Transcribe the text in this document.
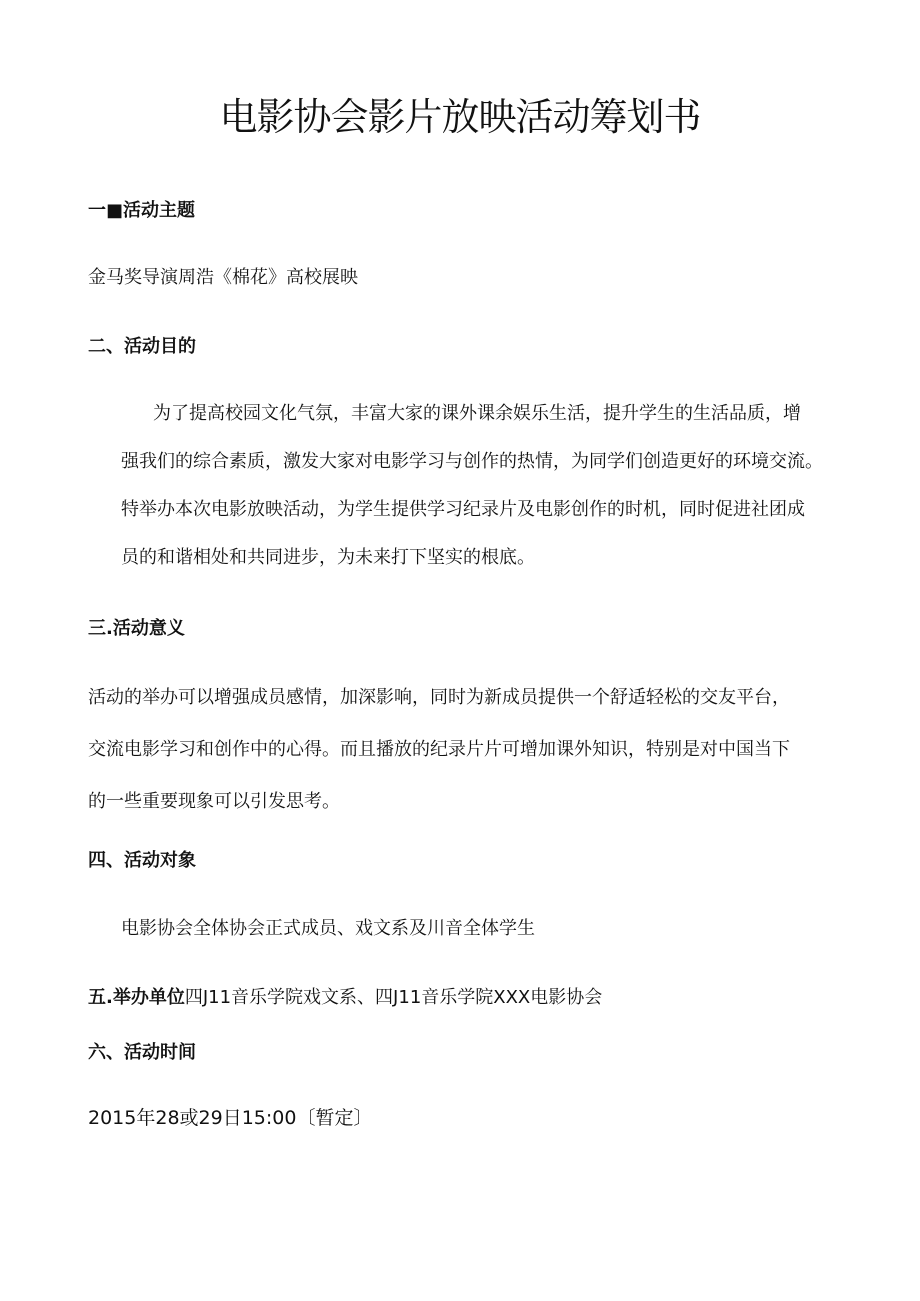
电影协会影片放映活动筹划书
一■活动主题
金马奖导演周浩《棉花》高校展映
二、活动目的
为了提高校园文化气氛，丰富大家的课外课余娱乐生活，提升学生的生活品质，增
强我们的综合素质，激发大家对电影学习与创作的热情，为同学们创造更好的环境交流。
特举办本次电影放映活动，为学生提供学习纪录片及电影创作的时机，同时促进社团成
员的和谐相处和共同进步，为未来打下坚实的根底。
三.活动意义
活动的举办可以增强成员感情，加深影响，同时为新成员提供一个舒适轻松的交友平台，
交流电影学习和创作中的心得。而且播放的纪录片片可增加课外知识，特别是对中国当下
的一些重要现象可以引发思考。
四、活动对象
电影协会全体协会正式成员、戏文系及川音全体学生
五.举办单位四J11音乐学院戏文系、四J11音乐学院XXX电影协会
六、活动时间
2015年28或29日15:00〔暂定〕
